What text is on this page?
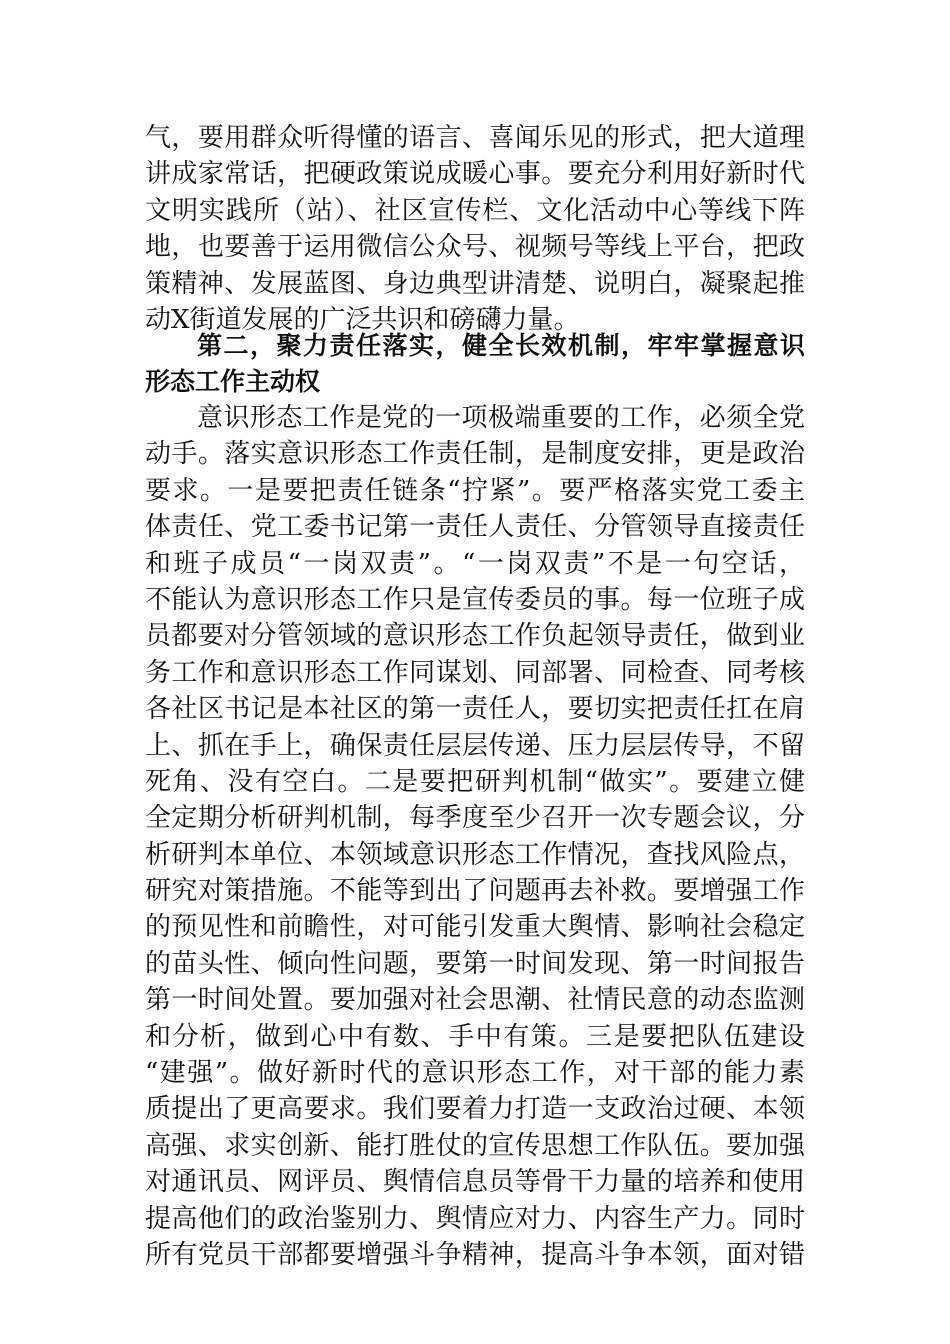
气，要用群众听得懂的语言、喜闻乐见的形式，把大道理
讲成家常话，把硬政策说成暖心事。要充分利用好新时代
文明实践所（站）、社区宣传栏、文化活动中心等线下阵
地，也要善于运用微信公众号、视频号等线上平台，把政
策精神、发展蓝图、身边典型讲清楚、说明白，凝聚起推
动X街道发展的广泛共识和磅礴力量。
第二，聚力责任落实，健全长效机制，牢牢掌握意识
形态工作主动权
意识形态工作是党的一项极端重要的工作，必须全党
动手。落实意识形态工作责任制，是制度安排，更是政治
要求。一是要把责任链条“拧紧”。要严格落实党工委主
体责任、党工委书记第一责任人责任、分管领导直接责任
和班子成员“一岗双责”。“一岗双责”不是一句空话，
不能认为意识形态工作只是宣传委员的事。每一位班子成
员都要对分管领域的意识形态工作负起领导责任，做到业
务工作和意识形态工作同谋划、同部署、同检查、同考核
各社区书记是本社区的第一责任人，要切实把责任扛在肩
上、抓在手上，确保责任层层传递、压力层层传导，不留
死角、没有空白。二是要把研判机制“做实”。要建立健
全定期分析研判机制，每季度至少召开一次专题会议，分
析研判本单位、本领域意识形态工作情况，查找风险点，
研究对策措施。不能等到出了问题再去补救。要增强工作
的预见性和前瞻性，对可能引发重大舆情、影响社会稳定
的苗头性、倾向性问题，要第一时间发现、第一时间报告
第一时间处置。要加强对社会思潮、社情民意的动态监测
和分析，做到心中有数、手中有策。三是要把队伍建设
“建强”。做好新时代的意识形态工作，对干部的能力素
质提出了更高要求。我们要着力打造一支政治过硬、本领
高强、求实创新、能打胜仗的宣传思想工作队伍。要加强
对通讯员、网评员、舆情信息员等骨干力量的培养和使用
提高他们的政治鉴别力、舆情应对力、内容生产力。同时
所有党员干部都要增强斗争精神，提高斗争本领，面对错
